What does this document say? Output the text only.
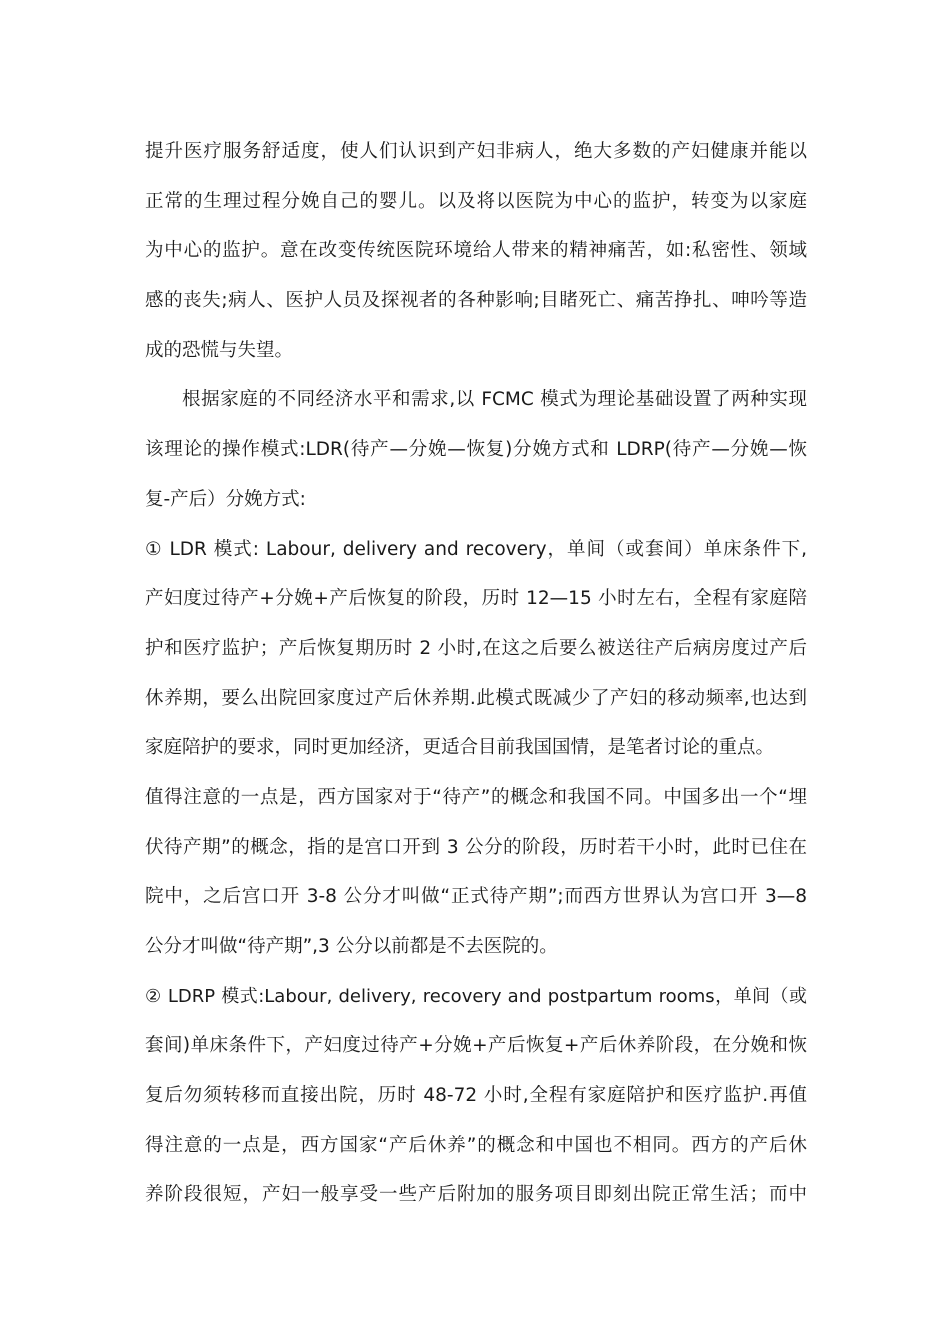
提升医疗服务舒适度，使人们认识到产妇非病人，绝大多数的产妇健康并能以
正常的生理过程分娩自己的婴儿。以及将以医院为中心的监护，转变为以家庭
为中心的监护。意在改变传统医院环境给人带来的精神痛苦，如:私密性、领域
感的丧失;病人、医护人员及探视者的各种影响;目睹死亡、痛苦挣扎、呻吟等造
成的恐慌与失望。
根据家庭的不同经济水平和需求,以 FCMC 模式为理论基础设置了两种实现
该理论的操作模式:LDR(待产—分娩—恢复)分娩方式和 LDRP(待产—分娩—恢
复-产后）分娩方式:
① LDR 模式: Labour, delivery and recovery，单间（或套间）单床条件下,
产妇度过待产+分娩+产后恢复的阶段，历时 12—15 小时左右，全程有家庭陪
护和医疗监护；产后恢复期历时 2 小时,在这之后要么被送往产后病房度过产后
休养期，要么出院回家度过产后休养期.此模式既减少了产妇的移动频率,也达到
家庭陪护的要求，同时更加经济，更适合目前我国国情，是笔者讨论的重点。
值得注意的一点是，西方国家对于“待产”的概念和我国不同。中国多出一个“埋
伏待产期”的概念，指的是宫口开到 3 公分的阶段，历时若干小时，此时已住在
院中，之后宫口开 3-8 公分才叫做“正式待产期”;而西方世界认为宫口开 3—8
公分才叫做“待产期”,3 公分以前都是不去医院的。
② LDRP 模式:Labour, delivery, recovery and postpartum rooms，单间（或
套间)单床条件下，产妇度过待产+分娩+产后恢复+产后休养阶段，在分娩和恢
复后勿须转移而直接出院，历时 48-72 小时,全程有家庭陪护和医疗监护.再值
得注意的一点是，西方国家“产后休养”的概念和中国也不相同。西方的产后休
养阶段很短，产妇一般享受一些产后附加的服务项目即刻出院正常生活；而中
